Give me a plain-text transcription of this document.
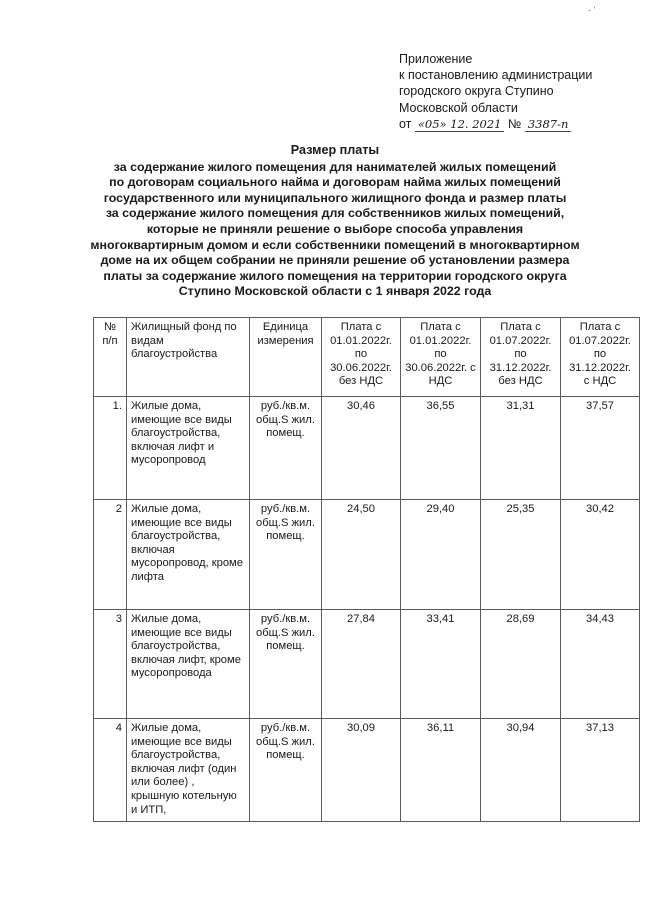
- '
Приложение
к постановлению администрации
городского округа Ступино
Московской области
от «05» 12. 2021 № 3387-п
Размер платы
за содержание жилого помещения для нанимателей жилых помещений
по договорам социального найма и договорам найма жилых помещений
государственного или муниципального жилищного фонда и размер платы
за содержание жилого помещения для собственников жилых помещений,
которые не приняли решение о выборе способа управления
многоквартирным домом и если собственники помещений в многоквартирном
доме на их общем собрании не приняли решение об установлении размера
платы за содержание жилого помещения на территории городского округа
Ступино Московской области с 1 января 2022 года
№ п/п	Жилищный фонд по видам благоустройства	Единица измерения	Плата с 01.01.2022г. по 30.06.2022г. без НДС	Плата с 01.01.2022г. по 30.06.2022г. с НДС	Плата с 01.07.2022г. по 31.12.2022г. без НДС	Плата с 01.07.2022г. по 31.12.2022г. с НДС
1.	Жилые дома, имеющие все виды благоустройства, включая лифт и мусоропровод	руб./кв.м. общ.S жил. помещ.	30,46	36,55	31,31	37,57
2	Жилые дома, имеющие все виды благоустройства, включая мусоропровод, кроме лифта	руб./кв.м. общ.S жил. помещ.	24,50	29,40	25,35	30,42
3	Жилые дома, имеющие все виды благоустройства, включая лифт, кроме мусоропровода	руб./кв.м. общ.S жил. помещ.	27,84	33,41	28,69	34,43
4	Жилые дома, имеющие все виды благоустройства, включая лифт (один или более) , крышную котельную и ИТП,	руб./кв.м. общ.S жил. помещ.	30,09	36,11	30,94	37,13
